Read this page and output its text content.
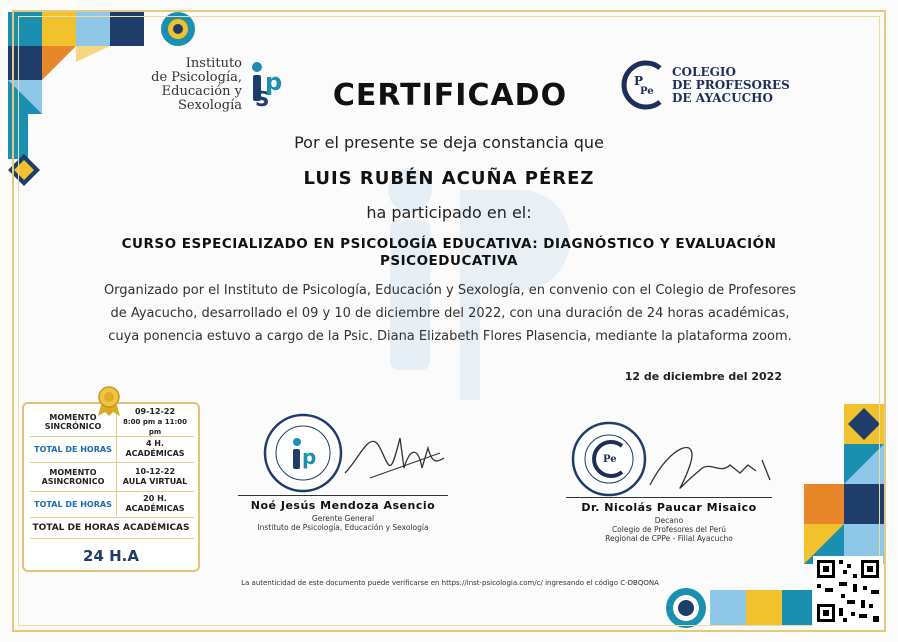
Instituto
de Psicología,
Educación y Sexología
p
S	CERTIFICADO	P
Pe
COLEGIO
DE PROFESORES
DE AYACUCHO
Por el presente se deja constancia que
LUIS RUBÉN ACUÑA PÉREZ
ha participado en el:
CURSO ESPECIALIZADO EN PSICOLOGÍA EDUCATIVA: DIAGNÓSTICO Y EVALUACIÓN PSICOEDUCATIVA
Organizado por el Instituto de Psicología, Educación y Sexología, en convenio con el Colegio de Profesores de Ayacucho, desarrollado el 09 y 10 de diciembre del 2022, con una duración de 24 horas académicas, cuya ponencia estuvo a cargo de la Psic. Diana Elizabeth Flores Plasencia, mediante la plataforma zoom.
12 de diciembre del 2022
MOMENTO SINCRÓNICO
09-12-22
8:00 pm a 11:00 pm
TOTAL DE HORAS
4 H. ACADÉMICAS
MOMENTO ASINCRONICO
10-12-22
AULA VIRTUAL
TOTAL DE HORAS
20 H. ACADÉMICAS
TOTAL DE HORAS ACADÉMICAS
24 H.A
p
Noé Jesús Mendoza Asencio
Gerente General
Instituto de Psicología, Educación y Sexología
Pe
Dr. Nicolás Paucar Misaico
Decano
Colegio de Profesores del Perú
Regional de CPPe - Filial Ayacucho
La autenticidad de este documento puede verificarse en https://inst-psicologia.com/c/ ingresando el código C-DBQONA
